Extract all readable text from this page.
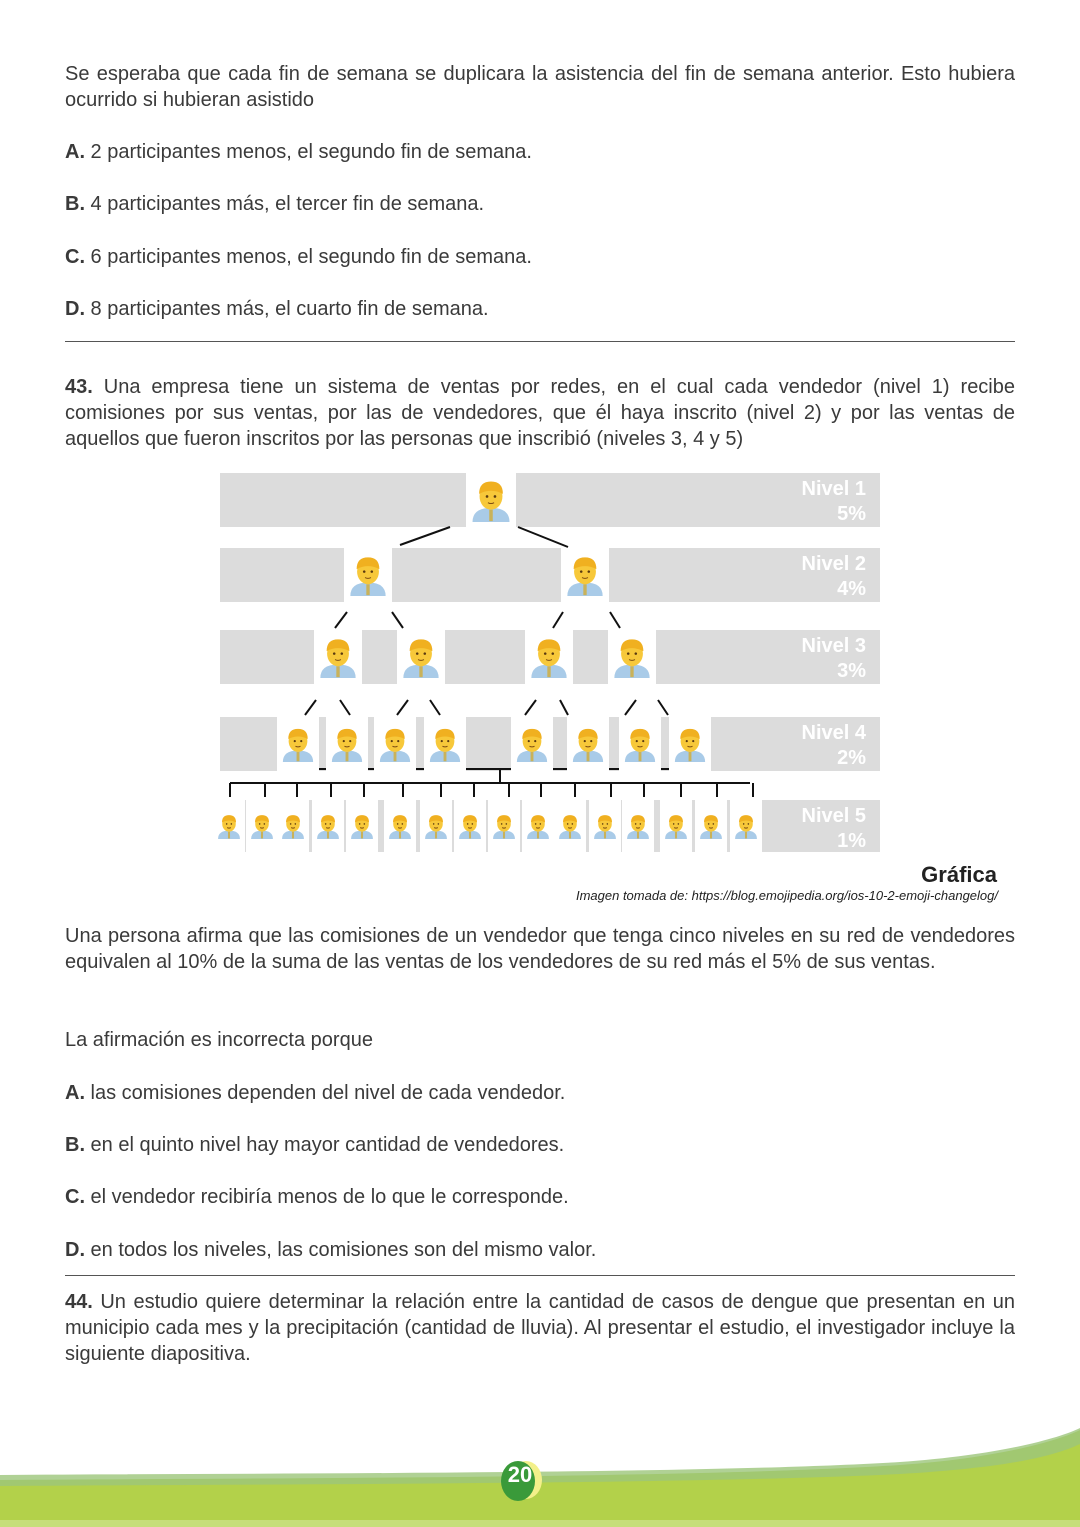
Se esperaba que cada fin de semana se duplicara la asistencia del fin de semana anterior. Esto hubiera ocurrido si hubieran asistido

A. 2 participantes menos, el segundo fin de semana.

B. 4 participantes más, el tercer fin de semana.

C. 6 participantes menos, el segundo fin de semana.

D. 8 participantes más, el cuarto fin de semana.

43. Una empresa tiene un sistema de ventas por redes, en el cual cada vendedor (nivel 1) recibe comisiones por sus ventas, por las de vendedores, que él haya inscrito (nivel 2) y por las ventas de aquellos que fueron inscritos por las personas que inscribió (niveles 3, 4 y 5)

Nivel 1
5%
Nivel 2
4%
Nivel 3
3%
Nivel 4
2%
Nivel 5
1%
Gráfica
Imagen tomada de: https://blog.emojipedia.org/ios-10-2-emoji-changelog/

Una persona afirma que las comisiones de un vendedor que tenga cinco niveles en su red de vendedores equivalen al 10% de la suma de las ventas de los vendedores de su red más el 5% de sus ventas.

La afirmación es incorrecta porque

A. las comisiones dependen del nivel de cada vendedor.

B. en el quinto nivel hay mayor cantidad de vendedores.

C. el vendedor recibiría menos de lo que le corresponde.

D. en todos los niveles, las comisiones son del mismo valor.

44. Un estudio quiere determinar la relación entre la cantidad de casos de dengue que presentan en un municipio cada mes y la precipitación (cantidad de lluvia). Al presentar el estudio, el investigador incluye la siguiente diapositiva.

20
